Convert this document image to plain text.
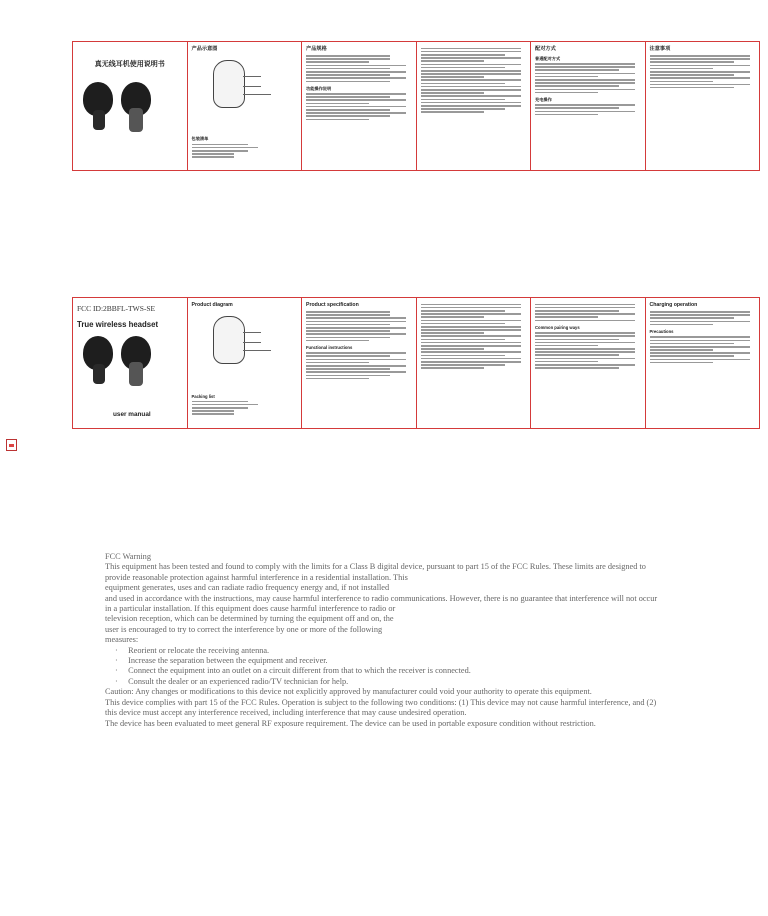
真无线耳机使用说明书
产品示意图
包装清单
产品规格
功能操作说明
配对方式
普通配对方式
充电操作
注意事项
FCC ID:2BBFL-TWS-SE
True wireless headset
user manual
Product diagram
Packing list
Product specification
Functional instructions
Common pairing ways
Charging operation
Precautions

FCC Warning

This equipment has been tested and found to comply with the limits for a Class B digital device, pursuant to part 15 of the FCC Rules. These limits are designed to provide reasonable protection against harmful interference in a residential installation. This

equipment generates, uses and can radiate radio frequency energy and, if not installed

and used in accordance with the instructions, may cause harmful interference to radio communications. However, there is no guarantee that interference will not occur in a particular installation. If this equipment does cause harmful interference to radio or

television reception, which can be determined by turning the equipment off and on, the

user is encouraged to try to correct the interference by one or more of the following

measures:

·     Reorient or relocate the receiving antenna.

·     Increase the separation between the equipment and receiver.

·     Connect the equipment into an outlet on a circuit different from that to which the receiver is connected.

·     Consult the dealer or an experienced radio/TV technician for help.

Caution: Any changes or modifications to this device not explicitly approved by manufacturer could void your authority to operate this equipment.

This device complies with part 15 of the FCC Rules. Operation is subject to the following two conditions: (1) This device may not cause harmful interference, and (2) this device must accept any interference received, including interference that may cause undesired operation.

The device has been evaluated to meet general RF exposure requirement. The device can be used in portable exposure condition without restriction.
